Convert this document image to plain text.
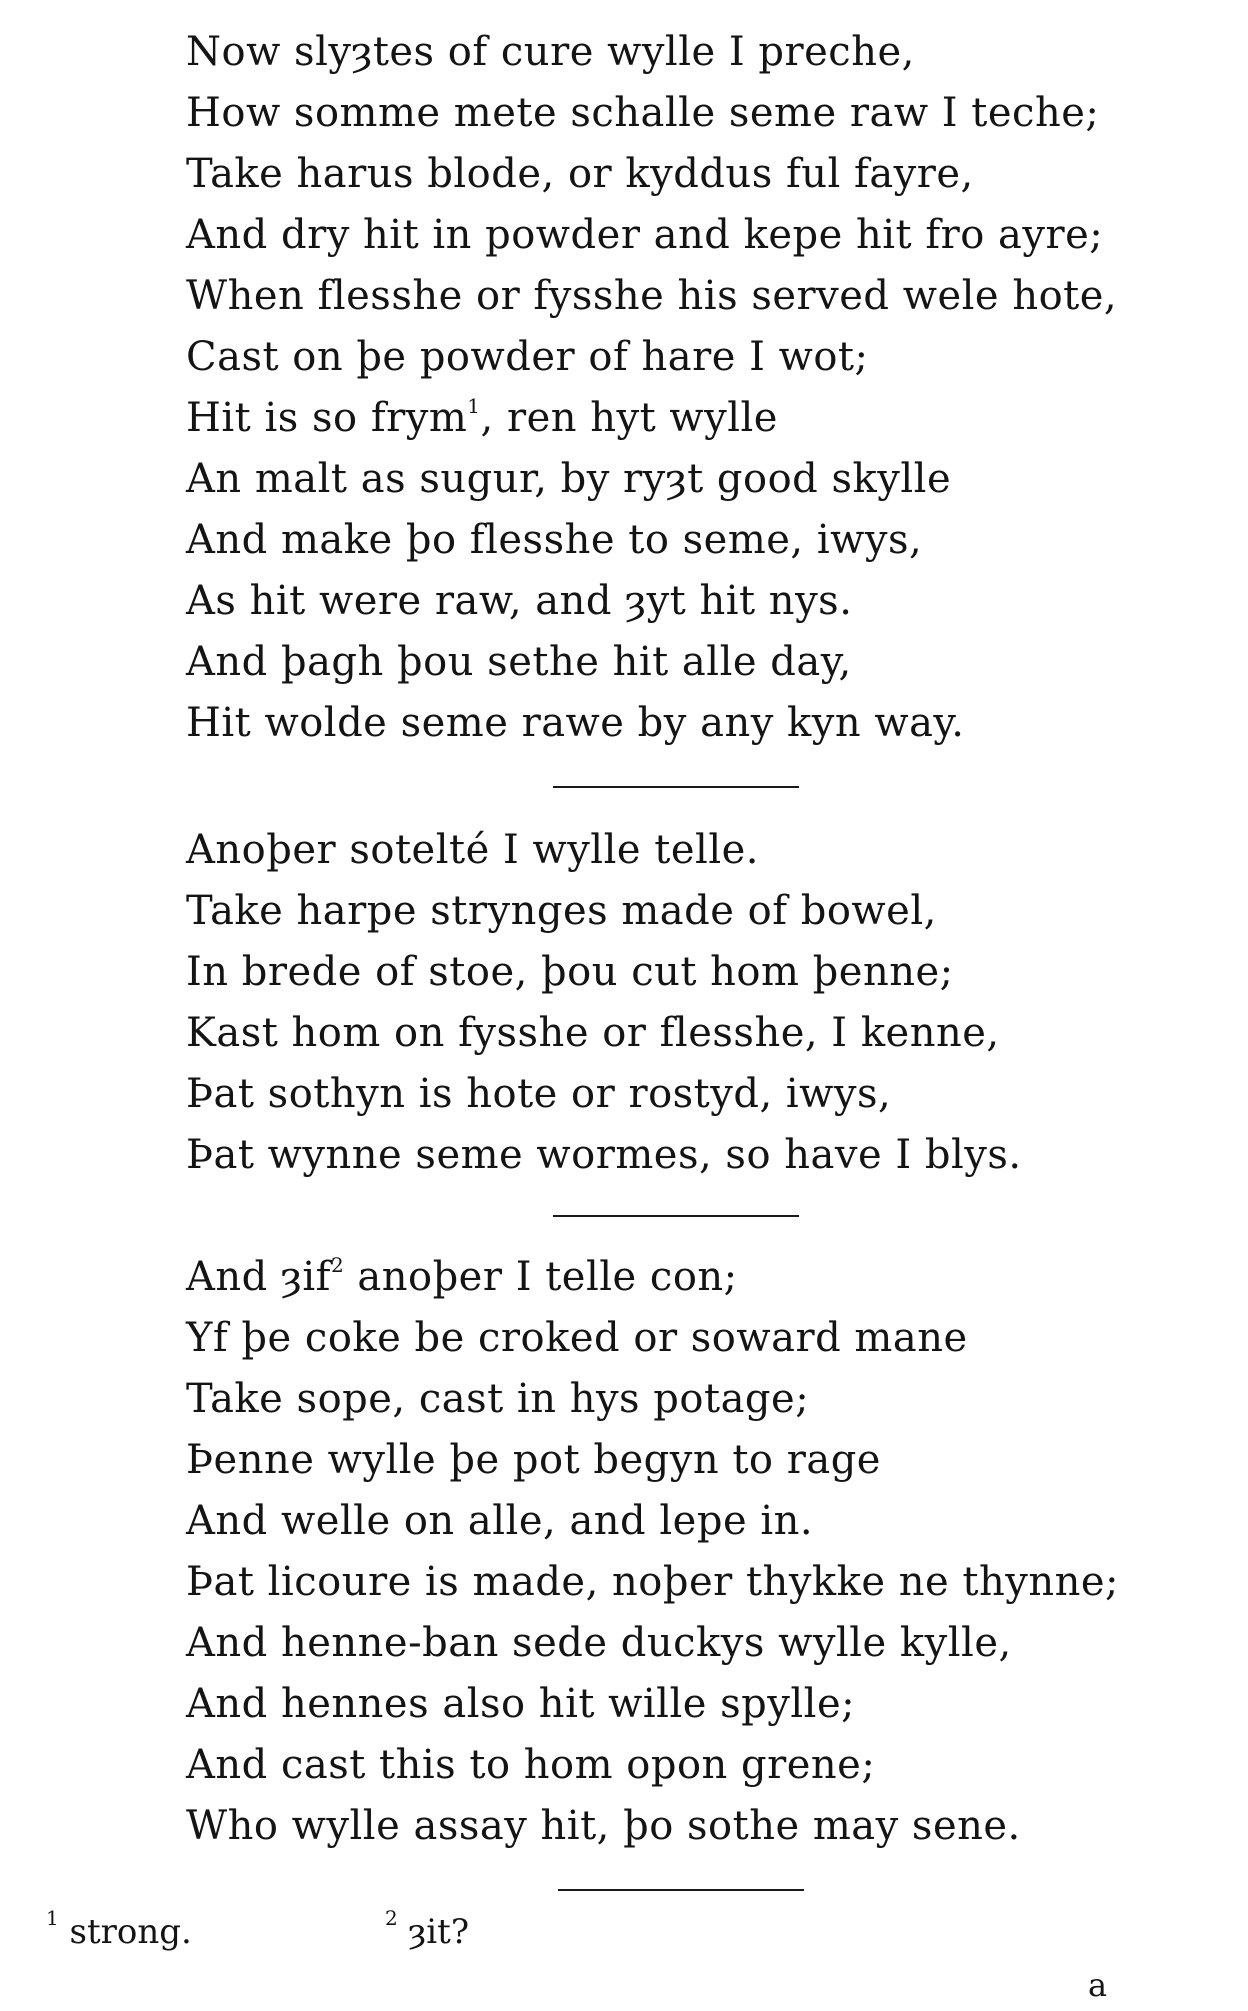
Now slyȝtes of cure wylle I preche,
How somme mete schalle seme raw I teche;
Take harus blode, or kyddus ful fayre,
And dry hit in powder and kepe hit fro ayre;
When flesshe or fysshe his served wele hote,
Cast on þe powder of hare I wot;
Hit is so frym$^1$, ren hyt wylle
An malt as sugur, by ryȝt good skylle
And make þo flesshe to seme, iwys,
As hit were raw, and ȝyt hit nys.
And þagh þou sethe hit alle day,
Hit wolde seme rawe by any kyn way.
Anoþer sotelté I wylle telle.
Take harpe strynges made of bowel,
In brede of stoe, þou cut hom þenne;
Kast hom on fysshe or flesshe, I kenne,
Þat sothyn is hote or rostyd, iwys,
Þat wynne seme wormes, so have I blys.
And ȝif$^2$ anoþer I telle con;
Yf þe coke be croked or soward mane
Take sope, cast in hys potage;
Þenne wylle þe pot begyn to rage
And welle on alle, and lepe in.
Þat licoure is made, noþer thykke ne thynne;
And henne-ban sede duckys wylle kylle,
And hennes also hit wille spylle;
And cast this to hom opon grene;
Who wylle assay hit, þo sothe may sene.
$^1$ strong.	$^2$ ȝit?
a
